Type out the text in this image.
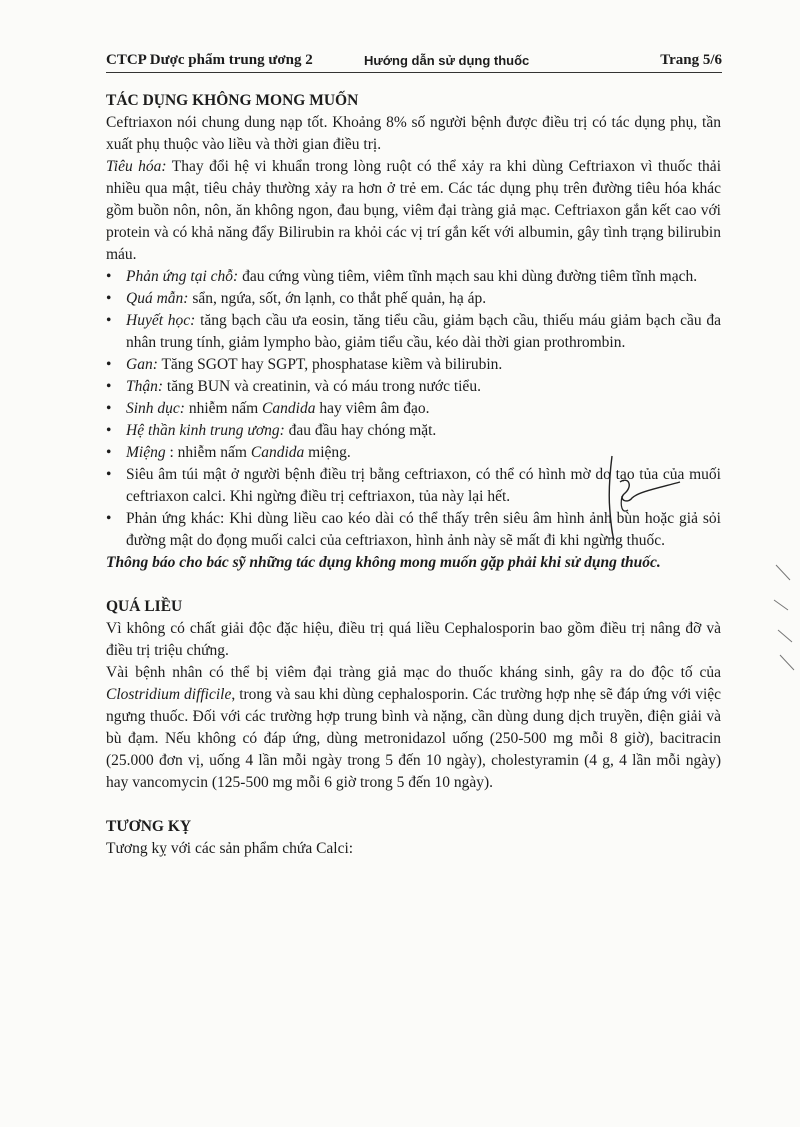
CTCP Dược phẩm trung ương 2	Hướng dẫn sử dụng thuốc	Trang 5/6
TÁC DỤNG KHÔNG MONG MUỐN

Ceftriaxon nói chung dung nạp tốt. Khoảng 8% số người bệnh được điều trị có tác dụng phụ, tần xuất phụ thuộc vào liều và thời gian điều trị.

Tiêu hóa: Thay đổi hệ vi khuẩn trong lòng ruột có thể xảy ra khi dùng Ceftriaxon vì thuốc thải nhiều qua mật, tiêu chảy thường xảy ra hơn ở trẻ em. Các tác dụng phụ trên đường tiêu hóa khác gồm buồn nôn, nôn, ăn không ngon, đau bụng, viêm đại tràng giả mạc. Ceftriaxon gắn kết cao với protein và có khả năng đẩy Bilirubin ra khỏi các vị trí gắn kết với albumin, gây tình trạng bilirubin máu.

• Phản ứng tại chỗ: đau cứng vùng tiêm, viêm tĩnh mạch sau khi dùng đường tiêm tĩnh mạch.

• Quá mẫn: sẩn, ngứa, sốt, ớn lạnh, co thắt phế quản, hạ áp.

• Huyết học: tăng bạch cầu ưa eosin, tăng tiểu cầu, giảm bạch cầu, thiếu máu giảm bạch cầu đa nhân trung tính, giảm lympho bào, giảm tiểu cầu, kéo dài thời gian prothrombin.

• Gan: Tăng SGOT hay SGPT, phosphatase kiềm và bilirubin.

• Thận: tăng BUN và creatinin, và có máu trong nước tiểu.

• Sinh dục: nhiễm nấm Candida hay viêm âm đạo.

• Hệ thần kinh trung ương: đau đầu hay chóng mặt.

• Miệng : nhiễm nấm Candida miệng.

• Siêu âm túi mật ở người bệnh điều trị bằng ceftriaxon, có thể có hình mờ do tạo tủa của muối ceftriaxon calci. Khi ngừng điều trị ceftriaxon, tủa này lại hết.

• Phản ứng khác: Khi dùng liều cao kéo dài có thể thấy trên siêu âm hình ảnh bùn hoặc giả sỏi đường mật do đọng muối calci của ceftriaxon, hình ảnh này sẽ mất đi khi ngừng thuốc.

Thông báo cho bác sỹ những tác dụng không mong muốn gặp phải khi sử dụng thuốc.

QUÁ LIỀU

Vì không có chất giải độc đặc hiệu, điều trị quá liều Cephalosporin bao gồm điều trị nâng đỡ và điều trị triệu chứng.

Vài bệnh nhân có thể bị viêm đại tràng giả mạc do thuốc kháng sinh, gây ra do độc tố của Clostridium difficile, trong và sau khi dùng cephalosporin. Các trường hợp nhẹ sẽ đáp ứng với việc ngưng thuốc. Đối với các trường hợp trung bình và nặng, cần dùng dung dịch truyền, điện giải và bù đạm. Nếu không có đáp ứng, dùng metronidazol uống (250-500 mg mỗi 8 giờ), bacitracin (25.000 đơn vị, uống 4 lần mỗi ngày trong 5 đến 10 ngày), cholestyramin (4 g, 4 lần mỗi ngày) hay vancomycin (125-500 mg mỗi 6 giờ trong 5 đến 10 ngày).

TƯƠNG KỴ

Tương kỵ với các sản phẩm chứa Calci:
